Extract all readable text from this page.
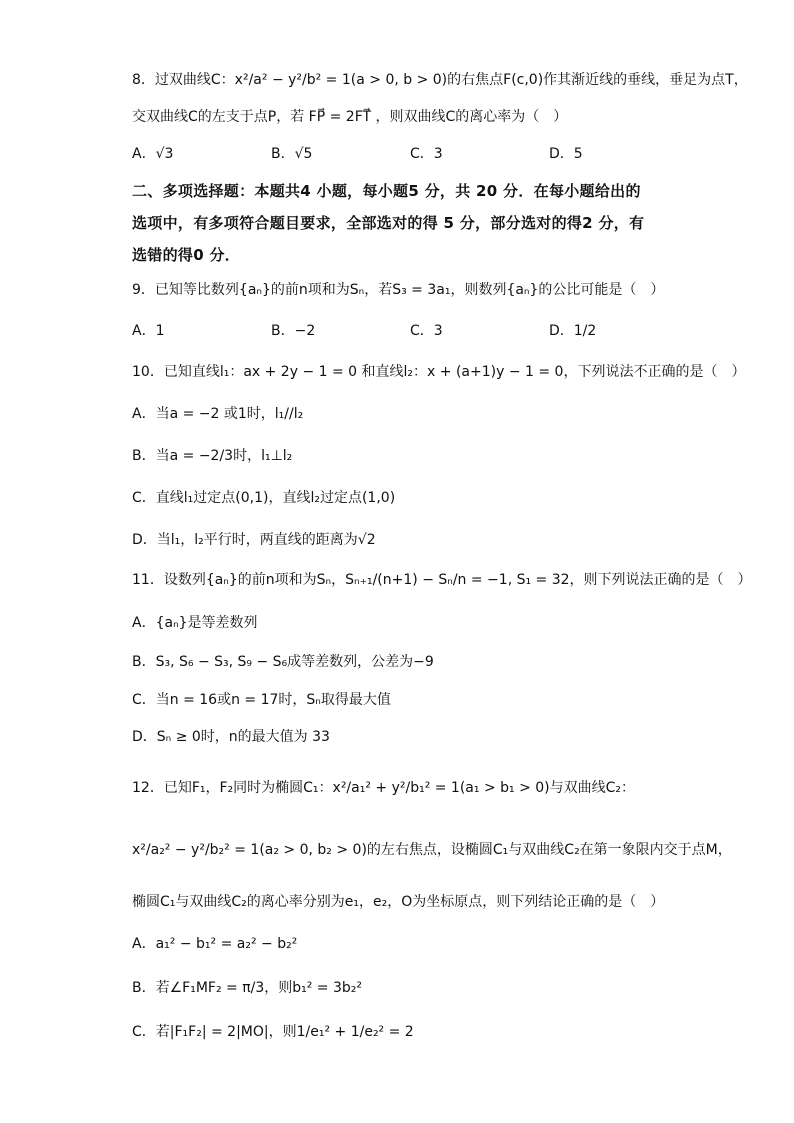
8．过双曲线C：x²/a² − y²/b² = 1(a > 0, b > 0)的右焦点F(c,0)作其渐近线的垂线，垂足为点T，
交双曲线C的左支于点P，若 FP⃗ = 2FT⃗ ，则双曲线C的离心率为（　）
A．√3	B．√5	C．3	D．5
二、多项选择题：本题共4 小题，每小题5 分，共 20 分．在每小题给出的
选项中，有多项符合题目要求，全部选对的得 5 分，部分选对的得2 分，有
选错的得0 分．
9．已知等比数列{aₙ}的前n项和为Sₙ，若S₃ = 3a₁，则数列{aₙ}的公比可能是（　）
A．1	B．−2	C．3	D．1/2
10．已知直线l₁：ax + 2y − 1 = 0 和直线l₂：x + (a+1)y − 1 = 0，下列说法不正确的是（　）
A．当a = −2 或1时，l₁//l₂
B．当a = −2/3时，l₁⊥l₂
C．直线l₁过定点(0,1)，直线l₂过定点(1,0)
D．当l₁，l₂平行时，两直线的距离为√2
11．设数列{aₙ}的前n项和为Sₙ，Sₙ₊₁/(n+1) − Sₙ/n = −1, S₁ = 32，则下列说法正确的是（　）
A．{aₙ}是等差数列
B．S₃, S₆ − S₃, S₉ − S₆成等差数列，公差为−9
C．当n = 16或n = 17时，Sₙ取得最大值
D．Sₙ ≥ 0时，n的最大值为 33
12．已知F₁，F₂同时为椭圆C₁：x²/a₁² + y²/b₁² = 1(a₁ > b₁ > 0)与双曲线C₂：
x²/a₂² − y²/b₂² = 1(a₂ > 0, b₂ > 0)的左右焦点，设椭圆C₁与双曲线C₂在第一象限内交于点M，
椭圆C₁与双曲线C₂的离心率分别为e₁，e₂，O为坐标原点，则下列结论正确的是（　）
A．a₁² − b₁² = a₂² − b₂²
B．若∠F₁MF₂ = π/3，则b₁² = 3b₂²
C．若|F₁F₂| = 2|MO|，则1/e₁² + 1/e₂² = 2
